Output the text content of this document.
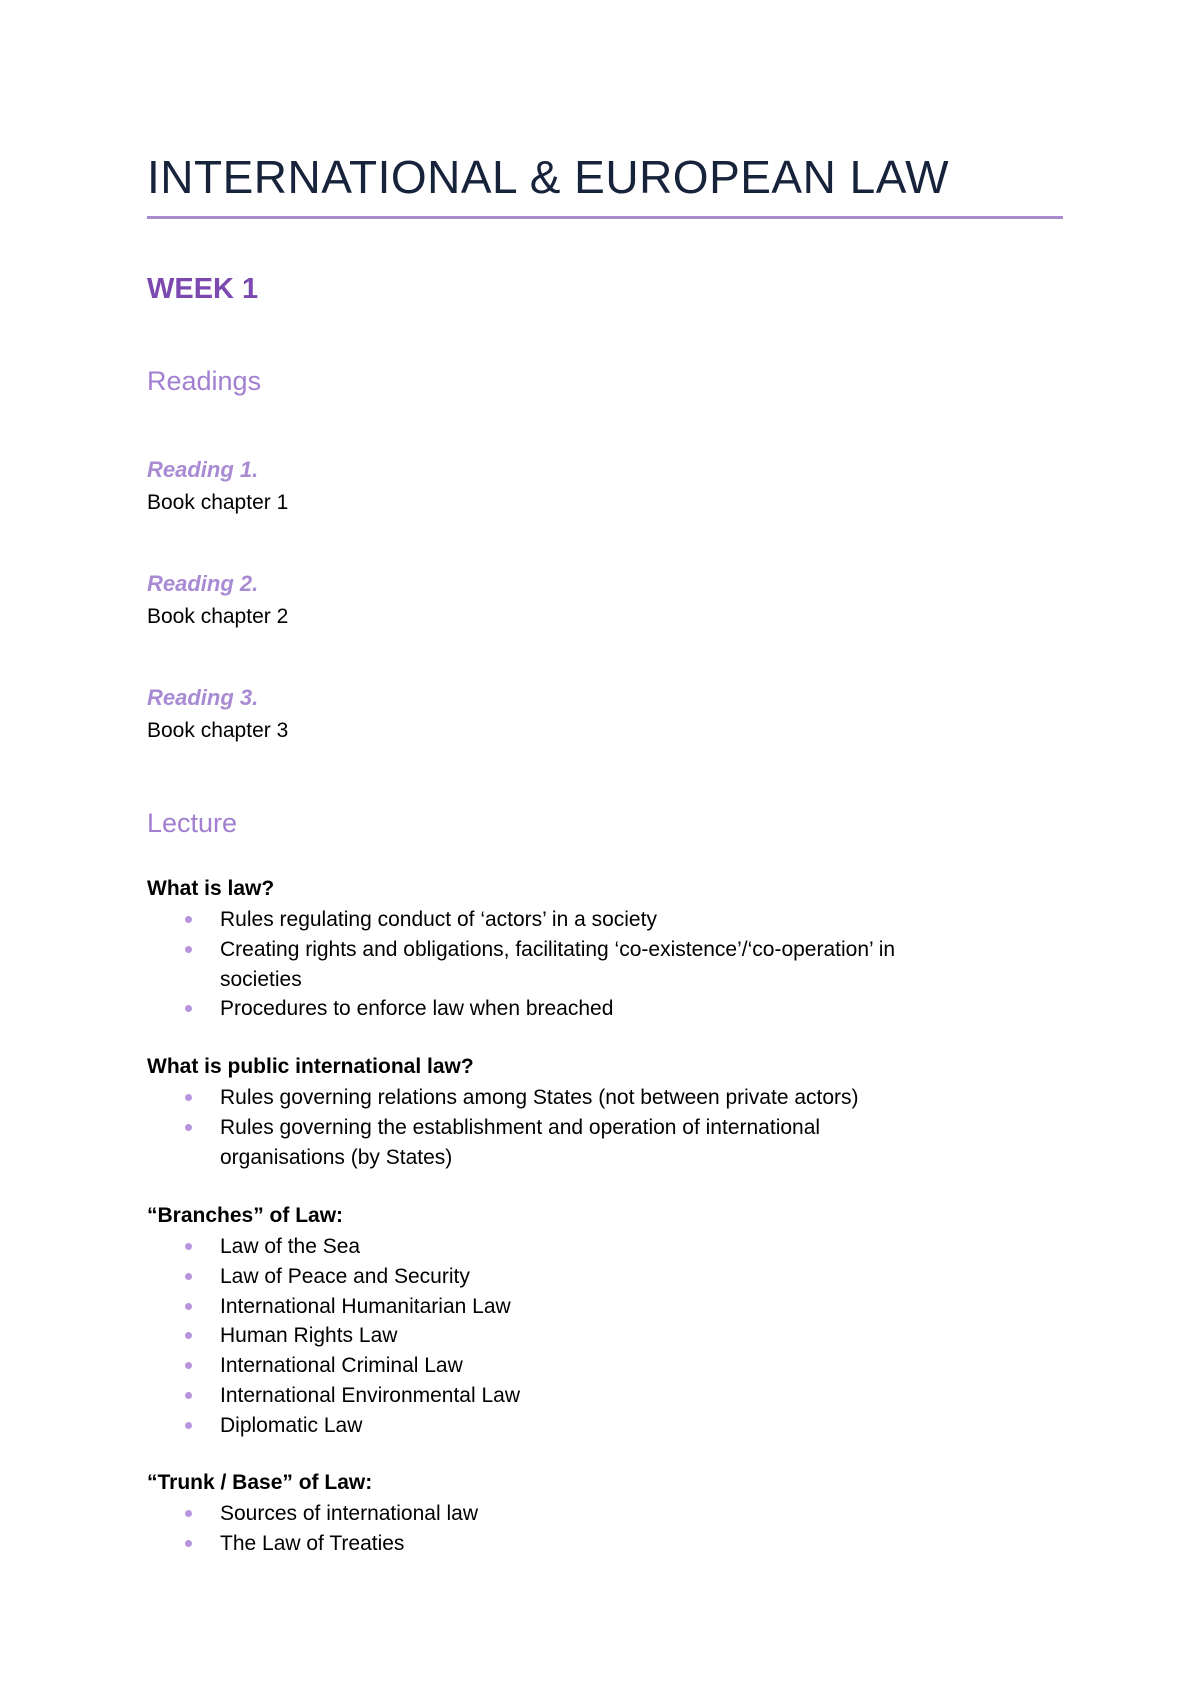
INTERNATIONAL & EUROPEAN LAW
WEEK 1
Readings
Reading 1.

Book chapter 1

Reading 2.

Book chapter 2

Reading 3.

Book chapter 3

Lecture

What is law?

Rules regulating conduct of ‘actors’ in a society
Creating rights and obligations, facilitating ‘co-existence’/‘co-operation’ in societies
Procedures to enforce law when breached

What is public international law?

Rules governing relations among States (not between private actors)
Rules governing the establishment and operation of international organisations (by States)

“Branches” of Law:

Law of the Sea
Law of Peace and Security
International Humanitarian Law
Human Rights Law
International Criminal Law
International Environmental Law
Diplomatic Law

“Trunk / Base” of Law:

Sources of international law
The Law of Treaties
